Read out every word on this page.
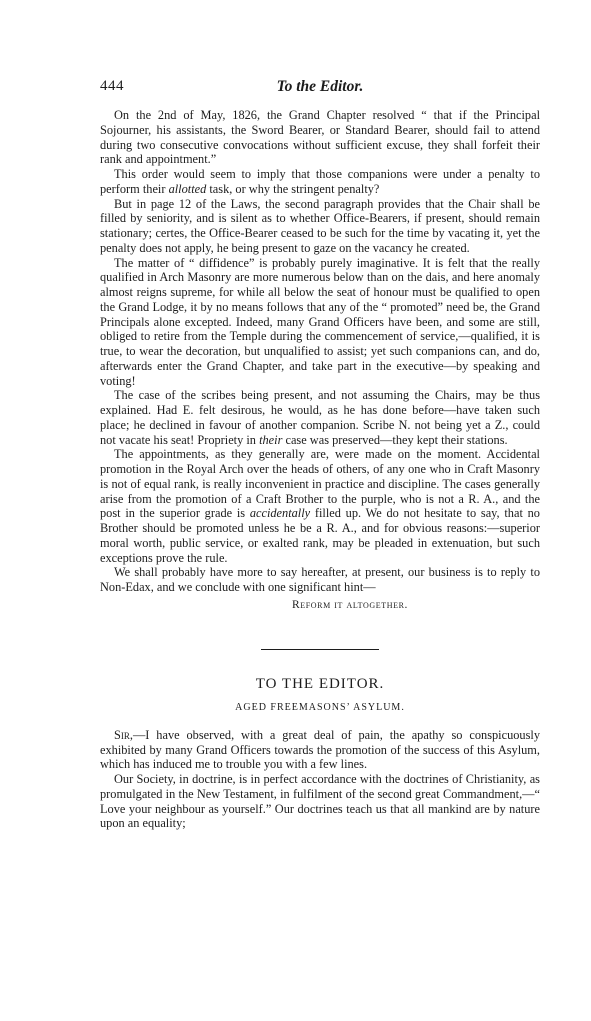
444	To the Editor.

On the 2nd of May, 1826, the Grand Chapter resolved “ that if the Principal Sojourner, his assistants, the Sword Bearer, or Standard Bearer, should fail to attend during two consecutive convocations without sufficient excuse, they shall forfeit their rank and appointment.”

This order would seem to imply that those companions were under a penalty to perform their allotted task, or why the stringent penalty?

But in page 12 of the Laws, the second paragraph provides that the Chair shall be filled by seniority, and is silent as to whether Office-Bearers, if present, should remain stationary; certes, the Office-Bearer ceased to be such for the time by vacating it, yet the penalty does not apply, he being present to gaze on the vacancy he created.

The matter of “ diffidence” is probably purely imaginative. It is felt that the really qualified in Arch Masonry are more numerous below than on the dais, and here anomaly almost reigns supreme, for while all below the seat of honour must be qualified to open the Grand Lodge, it by no means follows that any of the “ promoted” need be, the Grand Principals alone excepted. Indeed, many Grand Officers have been, and some are still, obliged to retire from the Temple during the commencement of service,—qualified, it is true, to wear the decoration, but unqualified to assist; yet such companions can, and do, afterwards enter the Grand Chapter, and take part in the executive—by speaking and voting!

The case of the scribes being present, and not assuming the Chairs, may be thus explained. Had E. felt desirous, he would, as he has done before—have taken such place; he declined in favour of another companion. Scribe N. not being yet a Z., could not vacate his seat! Propriety in their case was preserved—they kept their stations.

The appointments, as they generally are, were made on the moment. Accidental promotion in the Royal Arch over the heads of others, of any one who in Craft Masonry is not of equal rank, is really inconvenient in practice and discipline. The cases generally arise from the promotion of a Craft Brother to the purple, who is not a R. A., and the post in the superior grade is accidentally filled up. We do not hesitate to say, that no Brother should be promoted unless he be a R. A., and for obvious reasons:—superior moral worth, public service, or exalted rank, may be pleaded in extenuation, but such exceptions prove the rule.

We shall probably have more to say hereafter, at present, our business is to reply to Non-Edax, and we conclude with one significant hint—

Reform it altogether.
TO THE EDITOR.
AGED FREEMASONS’ ASYLUM.

Sir,—I have observed, with a great deal of pain, the apathy so conspicuously exhibited by many Grand Officers towards the promotion of the success of this Asylum, which has induced me to trouble you with a few lines.

Our Society, in doctrine, is in perfect accordance with the doctrines of Christianity, as promulgated in the New Testament, in fulfilment of the second great Commandment,—“ Love your neighbour as yourself.” Our doctrines teach us that all mankind are by nature upon an equality;
